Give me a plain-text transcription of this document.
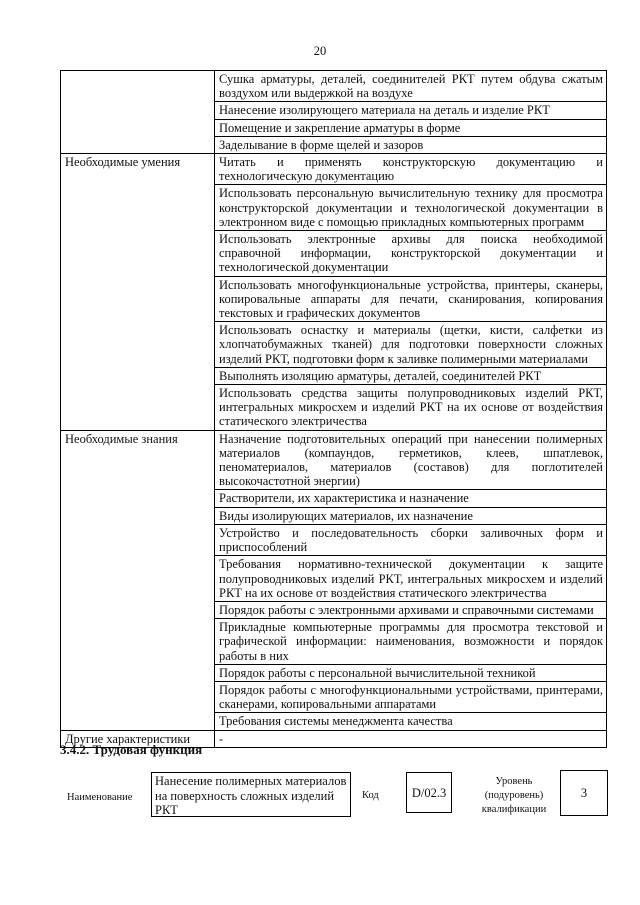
20
	Сушка арматуры, деталей, соединителей РКТ путем обдува сжатым воздухом или выдержкой на воздухе
	Нанесение изолирующего материала на деталь и изделие РКТ
	Помещение и закрепление арматуры в форме
	Заделывание в форме щелей и зазоров
Необходимые умения	Читать и применять конструкторскую документацию и технологическую документацию
	Использовать персональную вычислительную технику для просмотра конструкторской документации и технологической документации в электронном виде с помощью прикладных компьютерных программ
	Использовать электронные архивы для поиска необходимой справочной информации, конструкторской документации и технологической документации
	Использовать многофункциональные устройства, принтеры, сканеры, копировальные аппараты для печати, сканирования, копирования текстовых и графических документов
	Использовать оснастку и материалы (щетки, кисти, салфетки из хлопчатобумажных тканей) для подготовки поверхности сложных изделий РКТ, подготовки форм к заливке полимерными материалами
	Выполнять изоляцию арматуры, деталей, соединителей РКТ
	Использовать средства защиты полупроводниковых изделий РКТ, интегральных микросхем и изделий РКТ на их основе от воздействия статического электричества
Необходимые знания	Назначение подготовительных операций при нанесении полимерных материалов (компаундов, герметиков, клеев, шпатлевок, пеноматериалов, материалов (составов) для поглотителей высокочастотной энергии)
	Растворители, их характеристика и назначение
	Виды изолирующих материалов, их назначение
	Устройство и последовательность сборки заливочных форм и приспособлений
	Требования нормативно-технической документации к защите полупроводниковых изделий РКТ, интегральных микросхем и изделий РКТ на их основе от воздействия статического электричества
	Порядок работы с электронными архивами и справочными системами
	Прикладные компьютерные программы для просмотра текстовой и графической информации: наименования, возможности и порядок работы в них
	Порядок работы с персональной вычислительной техникой
	Порядок работы с многофункциональными устройствами, принтерами, сканерами, копировальными аппаратами
	Требования системы менеджмента качества
Другие характеристики	-
3.4.2. Трудовая функция
Наименование
Нанесение полимерных материалов на поверхность сложных изделий РКТ
Код	D/02.3
Уровень (подуровень) квалификации
3
